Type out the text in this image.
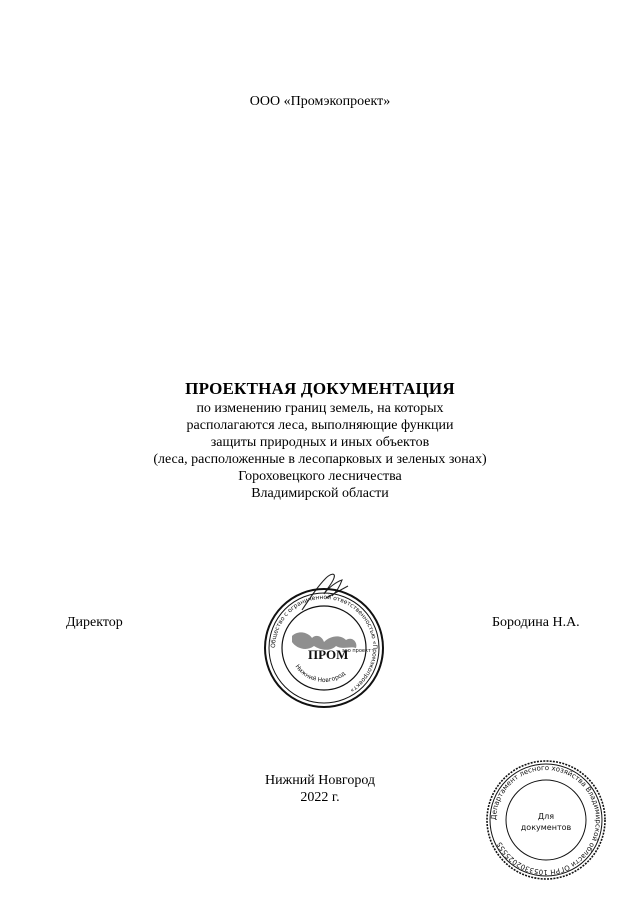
ООО «Промэкопроект»
ПРОЕКТНАЯ ДОКУМЕНТАЦИЯ
по изменению границ земель, на которых
располагаются леса, выполняющие функции
защиты природных и иных объектов
(леса, расположенные в лесопарковых и зеленых зонах)
Гороховецкого лесничества
Владимирской области
Директор	Бородина Н.А.
Общество с ограниченной ответственностью «Промэкопроект»
ПРОМ
эко проект
Нижний Новгород
Нижний Новгород
2022 г.
Департамент лесного хозяйства Владимирской области ОГРН 1053302025555
Для
документов
